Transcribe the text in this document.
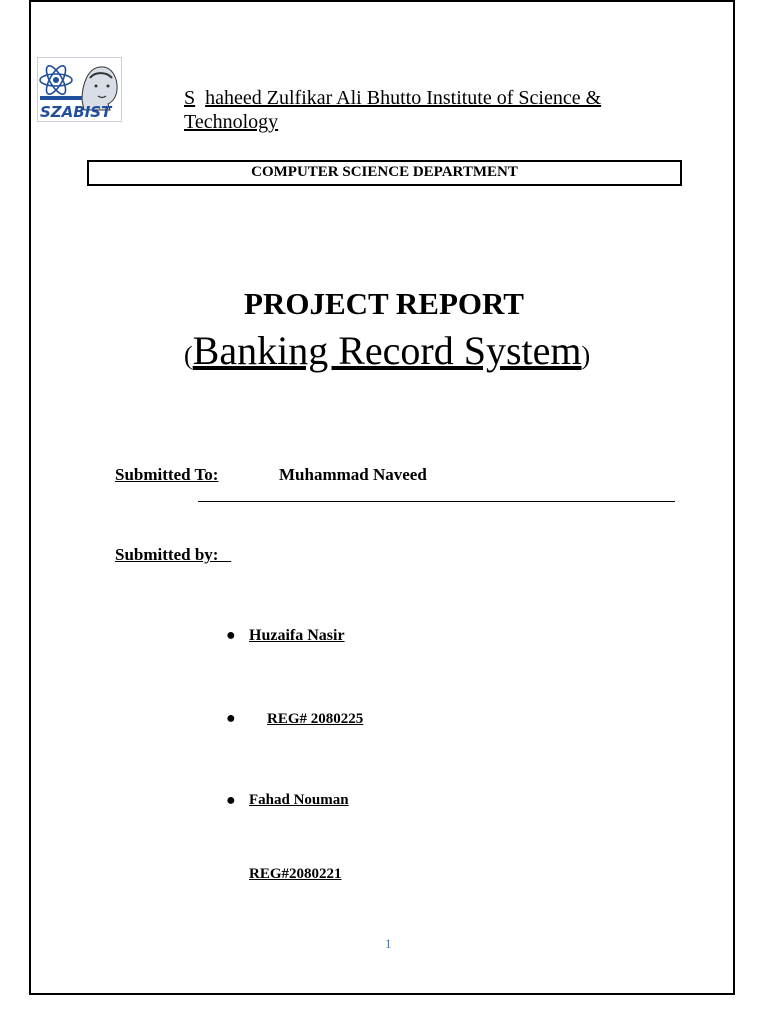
SZABIST
S haheed Zulfikar Ali Bhutto Institute of Science & Technology
COMPUTER SCIENCE DEPARTMENT
PROJECT REPORT
(Banking Record System)
Submitted To:	Muhammad Naveed
Submitted by:
● Huzaifa Nasir
● REG# 2080225
● Fahad Nouman
REG#2080221
1
